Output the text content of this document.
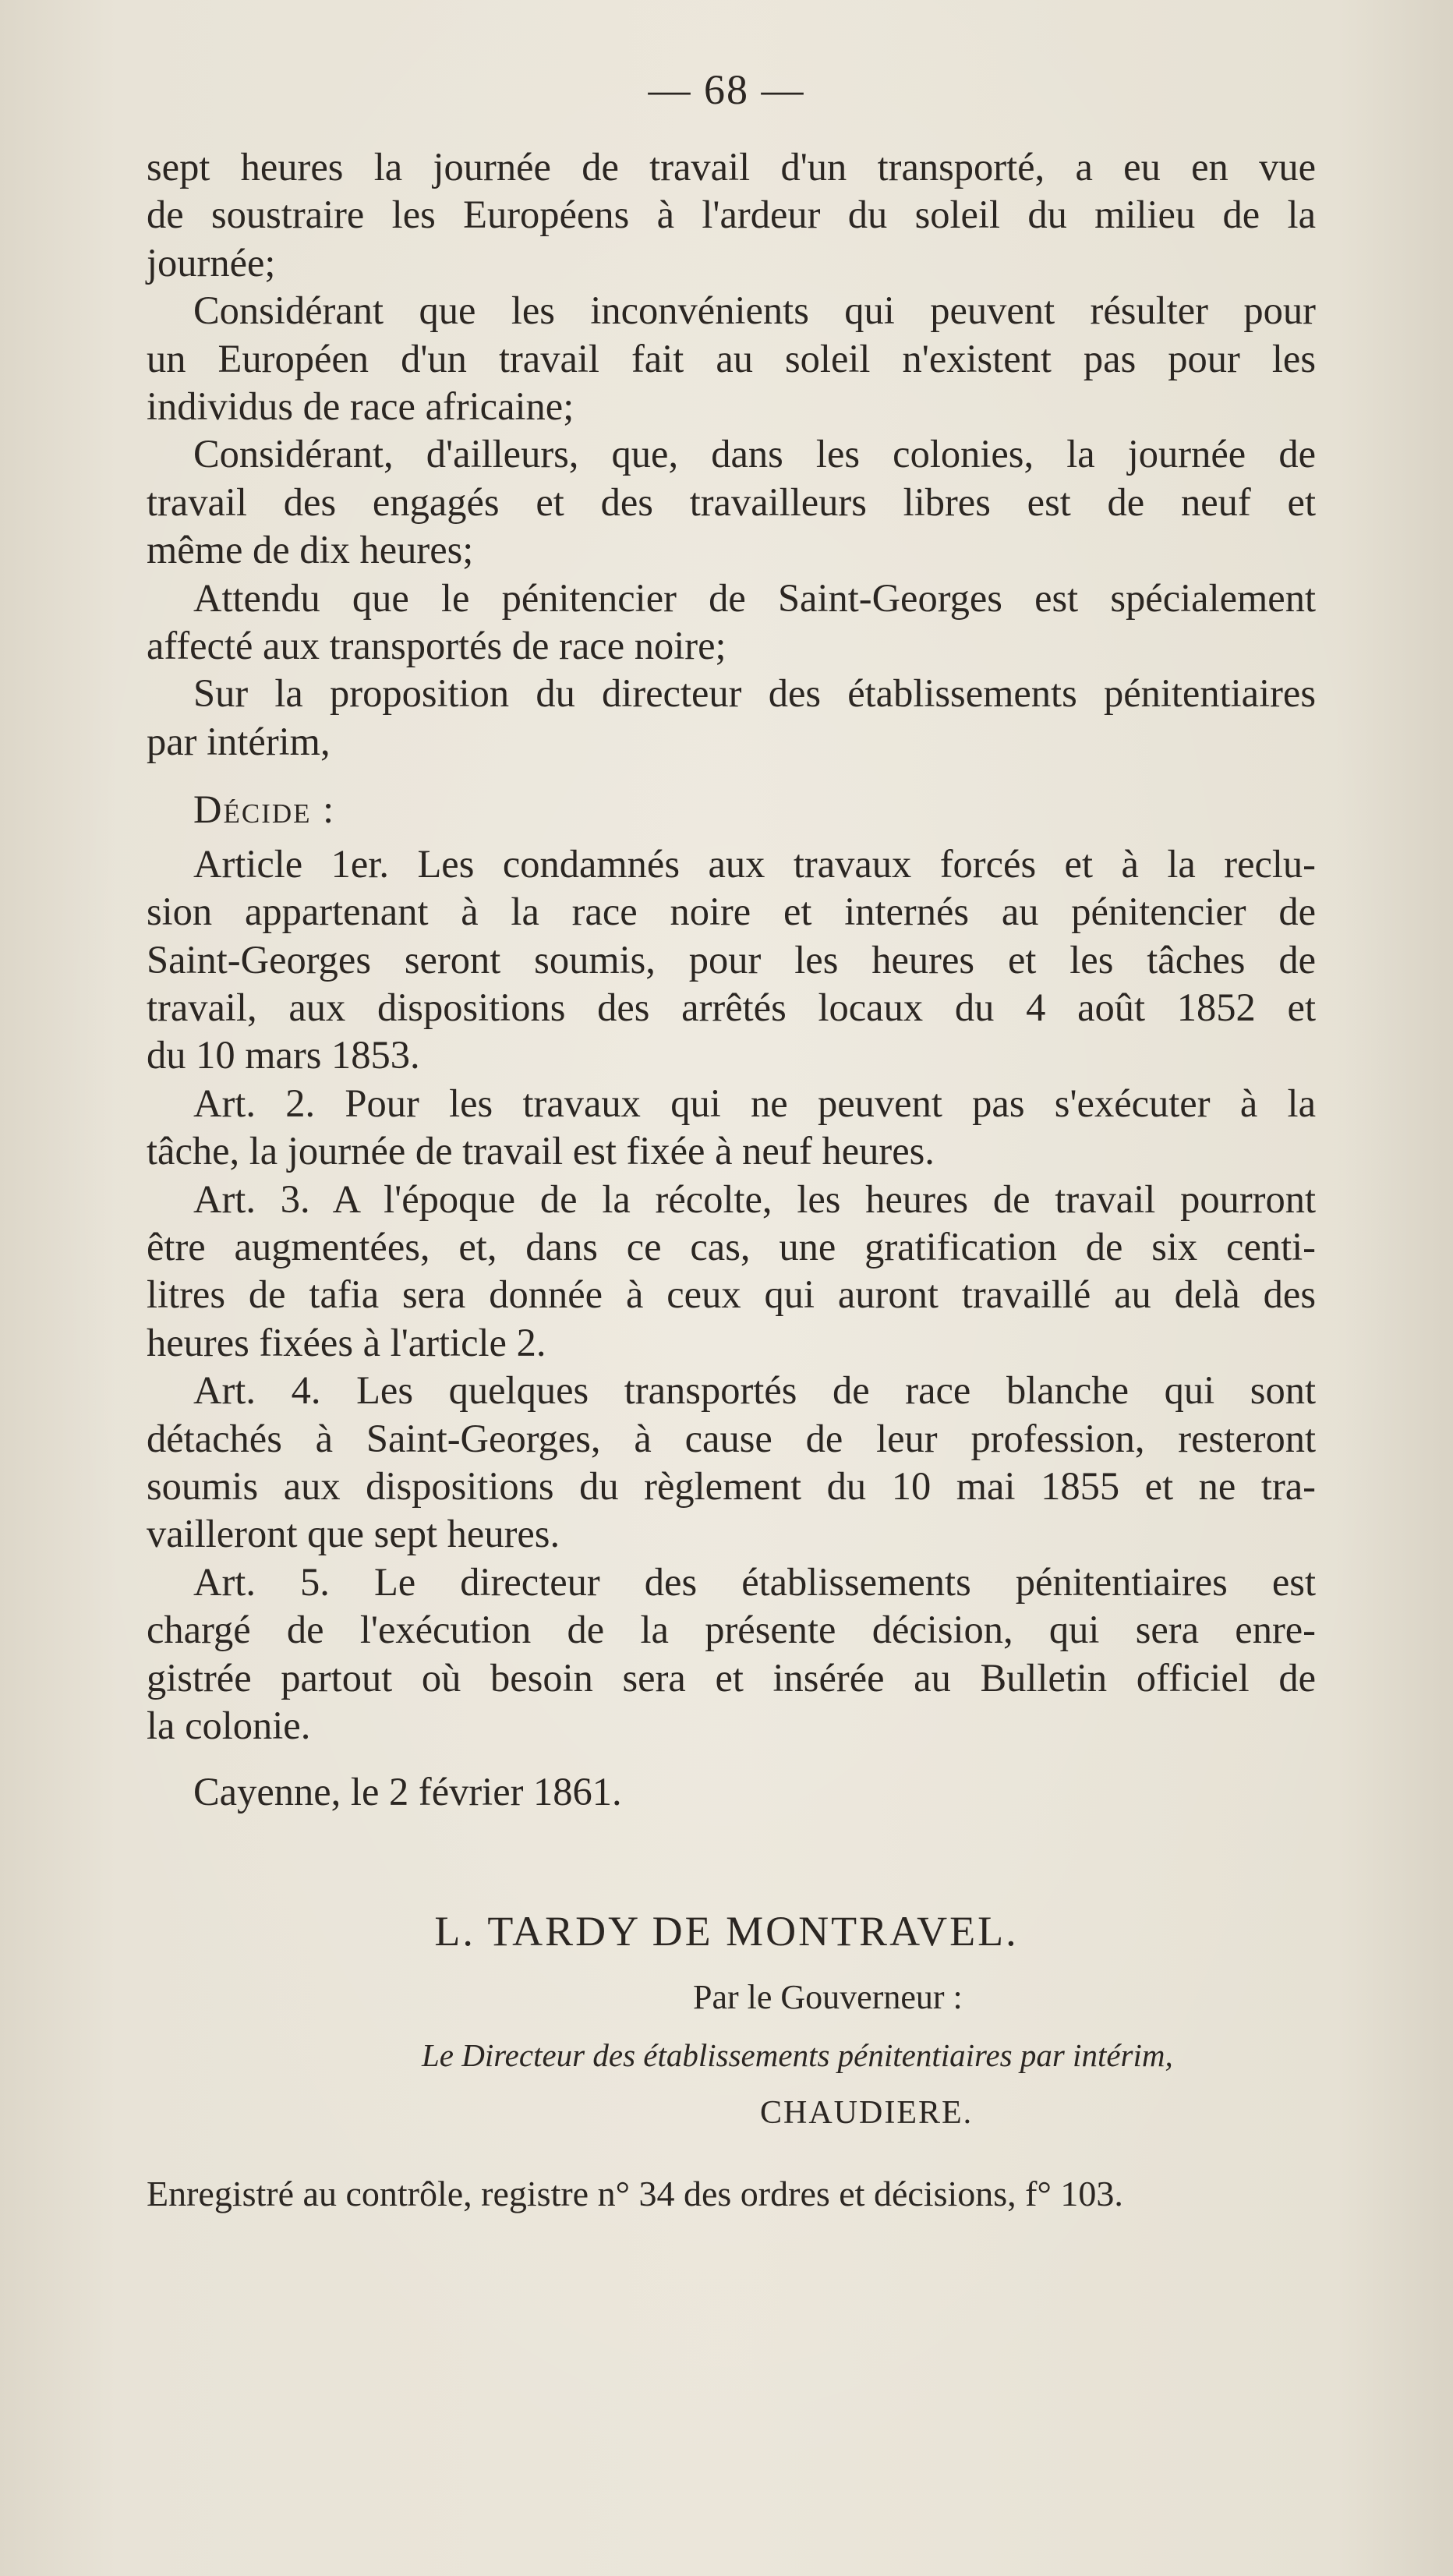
— 68 —
sept heures la journée de travail d'un transporté, a eu en vue
de soustraire les Européens à l'ardeur du soleil du milieu de la
journée;
Considérant que les inconvénients qui peuvent résulter pour
un Européen d'un travail fait au soleil n'existent pas pour les
individus de race africaine;
Considérant, d'ailleurs, que, dans les colonies, la journée de
travail des engagés et des travailleurs libres est de neuf et
même de dix heures;
Attendu que le pénitencier de Saint-Georges est spécialement
affecté aux transportés de race noire;
Sur la proposition du directeur des établissements pénitentiaires
par intérim,
Décide :
Article 1er. Les condamnés aux travaux forcés et à la reclu-
sion appartenant à la race noire et internés au pénitencier de
Saint-Georges seront soumis, pour les heures et les tâches de
travail, aux dispositions des arrêtés locaux du 4 août 1852 et
du 10 mars 1853.
Art. 2. Pour les travaux qui ne peuvent pas s'exécuter à la
tâche, la journée de travail est fixée à neuf heures.
Art. 3. A l'époque de la récolte, les heures de travail pourront
être augmentées, et, dans ce cas, une gratification de six centi-
litres de tafia sera donnée à ceux qui auront travaillé au delà des
heures fixées à l'article 2.
Art. 4. Les quelques transportés de race blanche qui sont
détachés à Saint-Georges, à cause de leur profession, resteront
soumis aux dispositions du règlement du 10 mai 1855 et ne tra-
vailleront que sept heures.
Art. 5. Le directeur des établissements pénitentiaires est
chargé de l'exécution de la présente décision, qui sera enre-
gistrée partout où besoin sera et insérée au Bulletin officiel de
la colonie.
Cayenne, le 2 février 1861.
L. TARDY DE MONTRAVEL.
Par le Gouverneur :
Le Directeur des établissements pénitentiaires par intérim,
CHAUDIERE.
Enregistré au contrôle, registre n° 34 des ordres et décisions, f° 103.
